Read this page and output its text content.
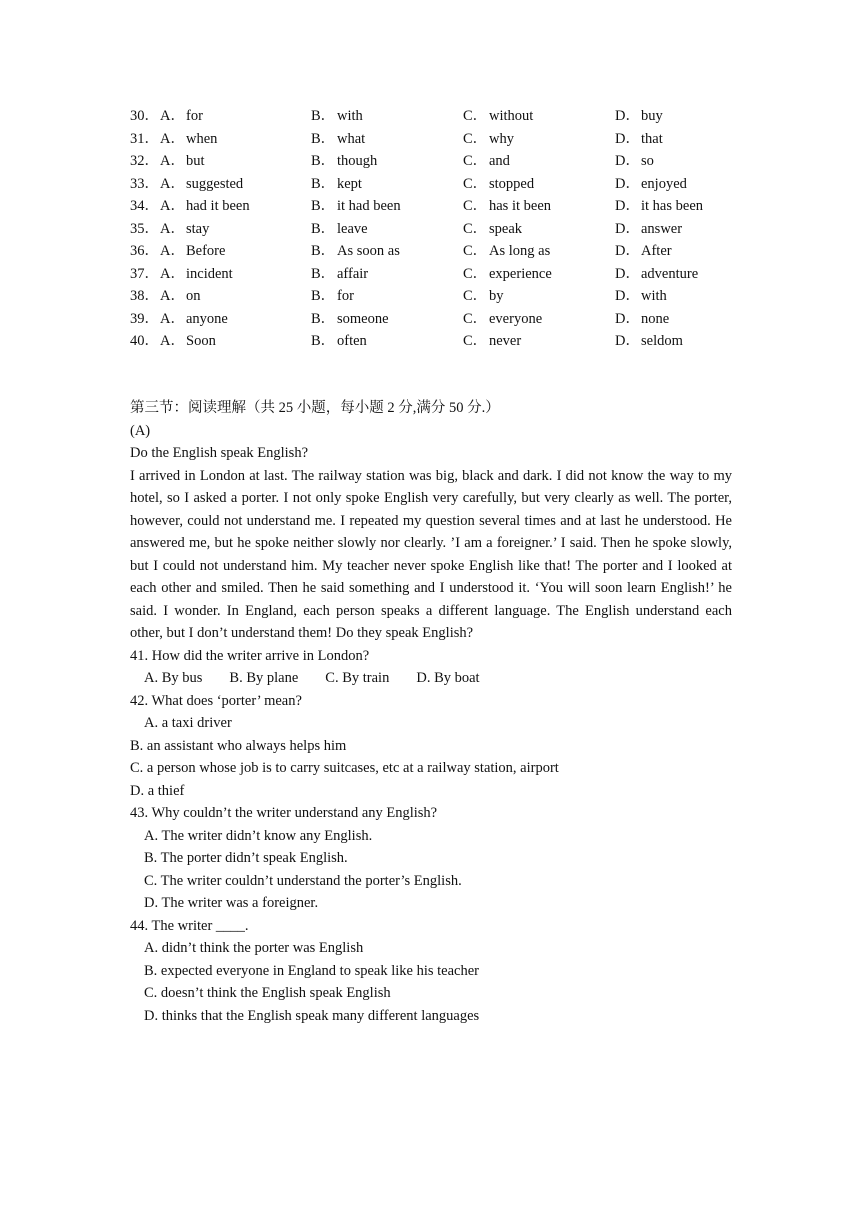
30． A．for	B． with	C． without	D．buy
31． A．when	B． what	C． why	D．that
32． A．but	B． though	C． and	D．so
33． A．suggested	B． kept	C． stopped	D．enjoyed
34． A．had it been	B． it had been	C． has it been	D．it has been
35． A．stay	B． leave	C． speak	D．answer
36． A．Before	B． As soon as	C． As long as	D．After
37． A．incident	B． affair	C． experience	D．adventure
38． A．on	B． for	C． by	D．with
39． A．anyone	B． someone	C． everyone	D．none
40． A．Soon	B． often	C． never	D．seldom
第三节：阅读理解（共 25 小题，每小题 2 分,满分 50 分.）
(A)
Do the English speak English?
I arrived in London at last. The railway station was big, black and dark. I did not know the way to my hotel, so I asked a porter. I not only spoke English very carefully, but very clearly as well. The porter, however, could not understand me. I repeated my question several times and at last he understood. He answered me, but he spoke neither slowly nor clearly. ’I am a foreigner.’ I said. Then he spoke slowly, but I could not understand him. My teacher never spoke English like that! The porter and I looked at each other and smiled. Then he said something and I understood it. ‘You will soon learn English!’ he said. I wonder. In England, each person speaks a different language. The English understand each other, but I don’t understand them! Do they speak English?
41. How did the writer arrive in London?
A. By bus B. By plane C. By train D. By boat
42. What does ‘porter’ mean?
A. a taxi driver
B. an assistant who always helps him
C. a person whose job is to carry suitcases, etc at a railway station, airport
D. a thief
43. Why couldn’t the writer understand any English?
A. The writer didn’t know any English.
B. The porter didn’t speak English.
C. The writer couldn’t understand the porter’s English.
D. The writer was a foreigner.
44. The writer ____.
A. didn’t think the porter was English
B. expected everyone in England to speak like his teacher
C. doesn’t think the English speak English
D. thinks that the English speak many different languages
